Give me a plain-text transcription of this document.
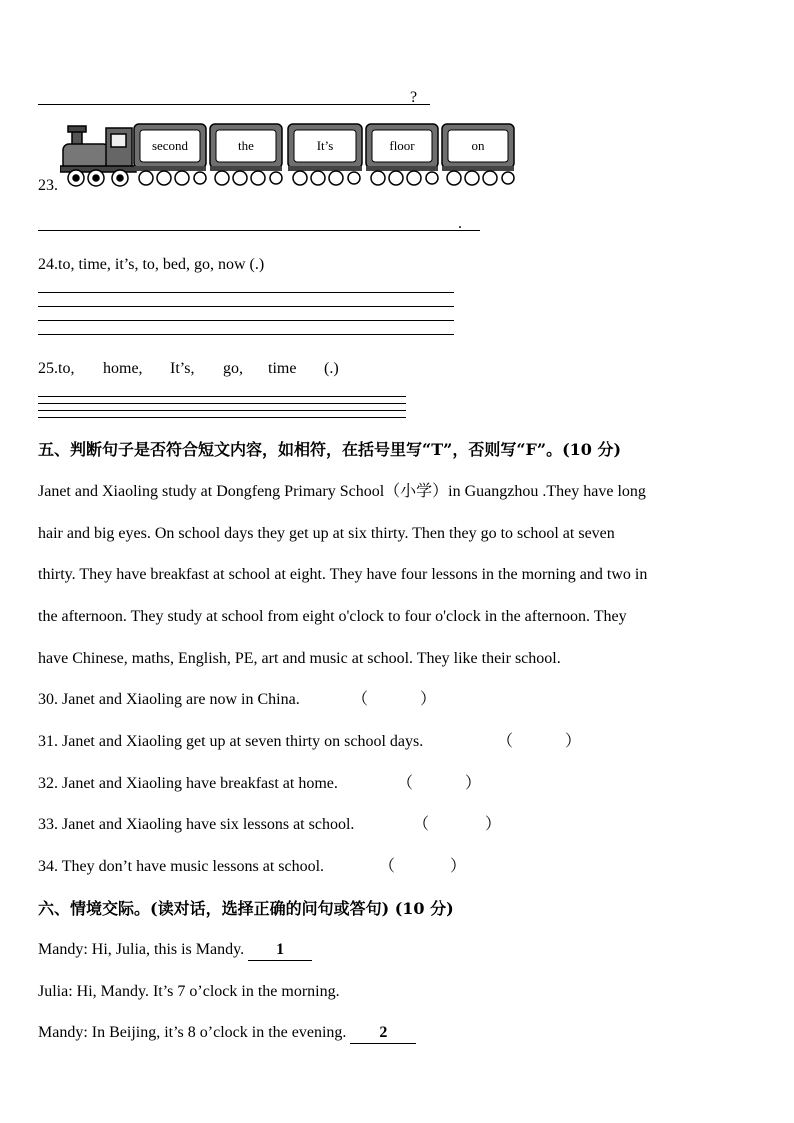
?
second	the	It’s	floor	on
23.
.
24.to, time, it’s, to, bed, go, now (.)
25.to, home, It’s, go, time (.)
五、判断句子是否符合短文内容，如相符，在括号里写“T”，否则写“F”。(10 分)
Janet and Xiaoling study at Dongfeng Primary School（小学）in Guangzhou .They have long
hair and big eyes. On school days they get up at six thirty. Then they go to school at seven
thirty. They have breakfast at school at eight. They have four lessons in the morning and two in
the afternoon. They study at school from eight o'clock to four o'clock in the afternoon. They
have Chinese, maths, English, PE, art and music at school. They like their school.
30. Janet and Xiaoling are now in China.	（	）
31. Janet and Xiaoling get up at seven thirty on school days.	（	）
32. Janet and Xiaoling have breakfast at home.	（	）
33. Janet and Xiaoling have six lessons at school.	（	）
34. They don’t have music lessons at school.	（	）
六、情境交际。(读对话，选择正确的问句或答句) (10 分)
Mandy: Hi, Julia, this is Mandy. 1
Julia: Hi, Mandy. It’s 7 o’clock in the morning.
Mandy: In Beijing, it’s 8 o’clock in the evening. 2
